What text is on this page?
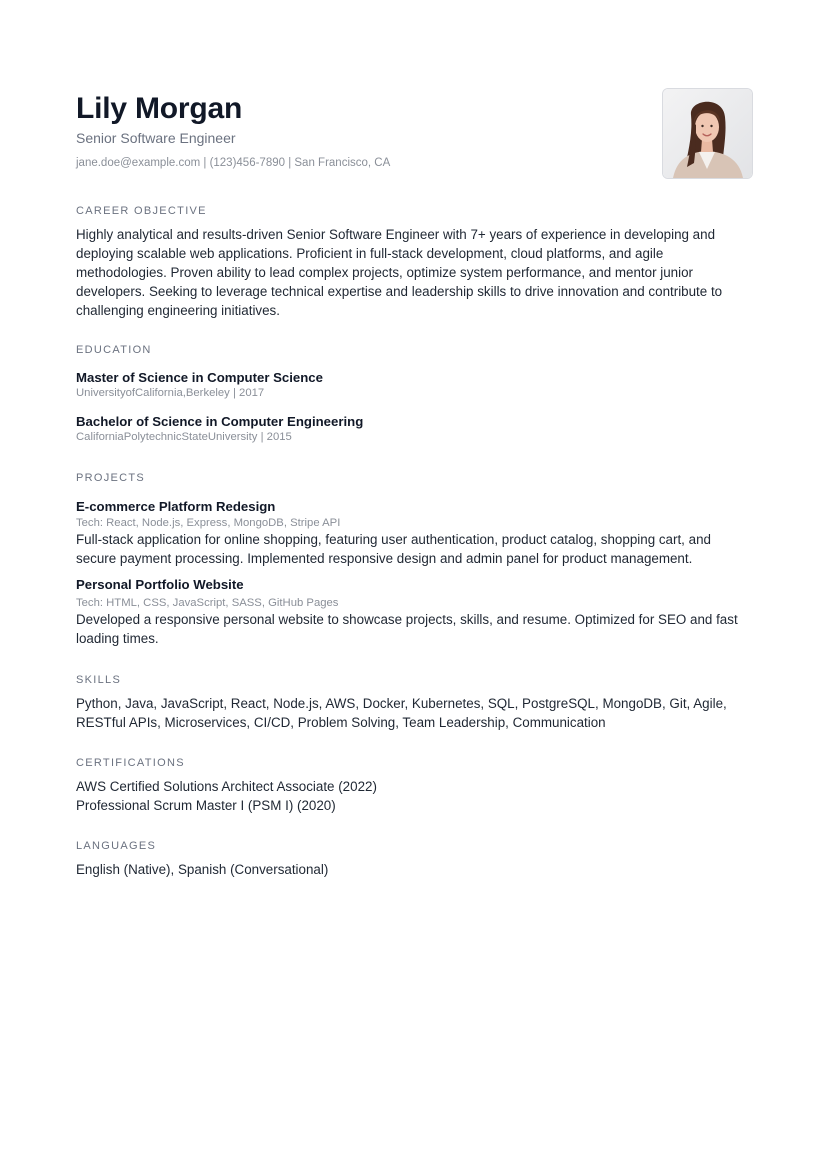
Lily Morgan
Senior Software Engineer
jane.doe@example.com | (123)456-7890 | San Francisco, CA
CAREER OBJECTIVE
Highly analytical and results-driven Senior Software Engineer with 7+ years of experience in developing and deploying scalable web applications. Proficient in full-stack development, cloud platforms, and agile methodologies. Proven ability to lead complex projects, optimize system performance, and mentor junior developers. Seeking to leverage technical expertise and leadership skills to drive innovation and contribute to challenging engineering initiatives.
EDUCATION
Master of Science in Computer Science
UniversityofCalifornia,Berkeley | 2017
Bachelor of Science in Computer Engineering
CaliforniaPolytechnicStateUniversity | 2015
PROJECTS
E-commerce Platform Redesign
Tech: React, Node.js, Express, MongoDB, Stripe API
Full-stack application for online shopping, featuring user authentication, product catalog, shopping cart, and secure payment processing. Implemented responsive design and admin panel for product management.
Personal Portfolio Website
Tech: HTML, CSS, JavaScript, SASS, GitHub Pages
Developed a responsive personal website to showcase projects, skills, and resume. Optimized for SEO and fast loading times.
SKILLS
Python, Java, JavaScript, React, Node.js, AWS, Docker, Kubernetes, SQL, PostgreSQL, MongoDB, Git, Agile, RESTful APIs, Microservices, CI/CD, Problem Solving, Team Leadership, Communication
CERTIFICATIONS
AWS Certified Solutions Architect Associate (2022)
Professional Scrum Master I (PSM I) (2020)
LANGUAGES
English (Native), Spanish (Conversational)
